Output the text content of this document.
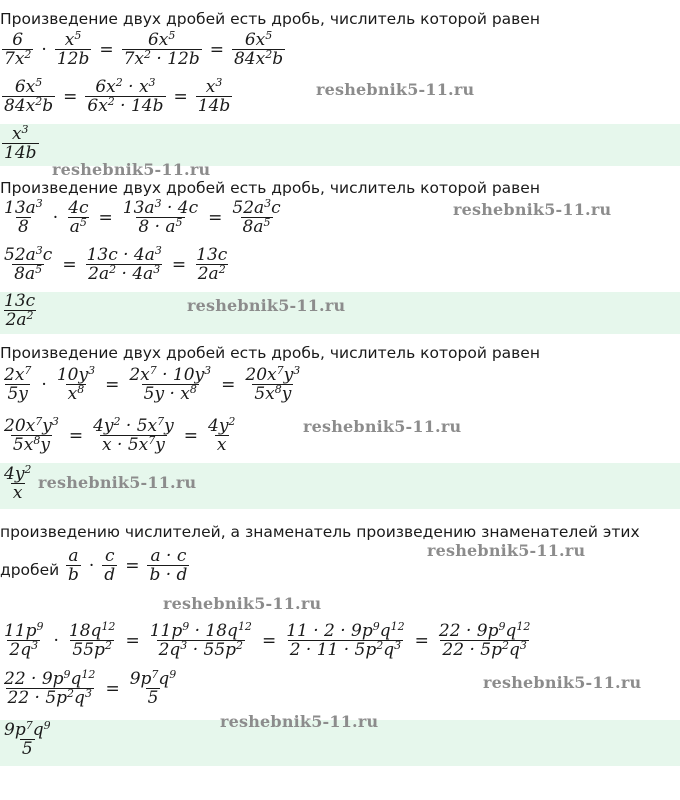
Произведение двух дробей есть дробь, числитель которой равен
$\frac{6}{7x^2} \cdot \frac{x^5}{12b} = \frac{6x^5}{7x^2 \cdot 12b} = \frac{6x^5}{84x^2b}$
$\frac{6x^5}{84x^2b} = \frac{6x^2 \cdot x^3}{6x^2 \cdot 14b} = \frac{x^3}{14b}$
$\frac{x^3}{14b}$
reshebnik5-11.ru
reshebnik5-11.ru
Произведение двух дробей есть дробь, числитель которой равен
$\frac{13a^3}{8} \cdot \frac{4c}{a^5} = \frac{13a^3 \cdot 4c}{8 \cdot a^5} = \frac{52a^3c}{8a^5}$
$\frac{52a^3c}{8a^5} = \frac{13c \cdot 4a^3}{2a^2 \cdot 4a^3} = \frac{13c}{2a^2}$
$\frac{13c}{2a^2}$
reshebnik5-11.ru
reshebnik5-11.ru
Произведение двух дробей есть дробь, числитель которой равен
$\frac{2x^7}{5y} \cdot \frac{10y^3}{x^8} = \frac{2x^7 \cdot 10y^3}{5y \cdot x^8} = \frac{20x^7y^3}{5x^8y}$
$\frac{20x^7y^3}{5x^8y} = \frac{4y^2 \cdot 5x^7y}{x \cdot 5x^7y} = \frac{4y^2}{x}$
$\frac{4y^2}{x}$
reshebnik5-11.ru
reshebnik5-11.ru
произведению числителей, а знаменатель произведению знаменателей этих
дробей $\frac{a}{b} \cdot \frac{c}{d} = \frac{a \cdot c}{b \cdot d}$	reshebnik5-11.ru
reshebnik5-11.ru
$\frac{11p^9}{2q^3} \cdot \frac{18q^{12}}{55p^2} = \frac{11p^9 \cdot 18q^{12}}{2q^3 \cdot 55p^2} = \frac{11 \cdot 2 \cdot 9p^9q^{12}}{2 \cdot 11 \cdot 5p^2q^3} = \frac{22 \cdot 9p^9q^{12}}{22 \cdot 5p^2q^3}$
$\frac{22 \cdot 9p^9q^{12}}{22 \cdot 5p^2q^3} = \frac{9p^7q^9}{5}$	reshebnik5-11.ru
reshebnik5-11.ru
$\frac{9p^7q^9}{5}$
